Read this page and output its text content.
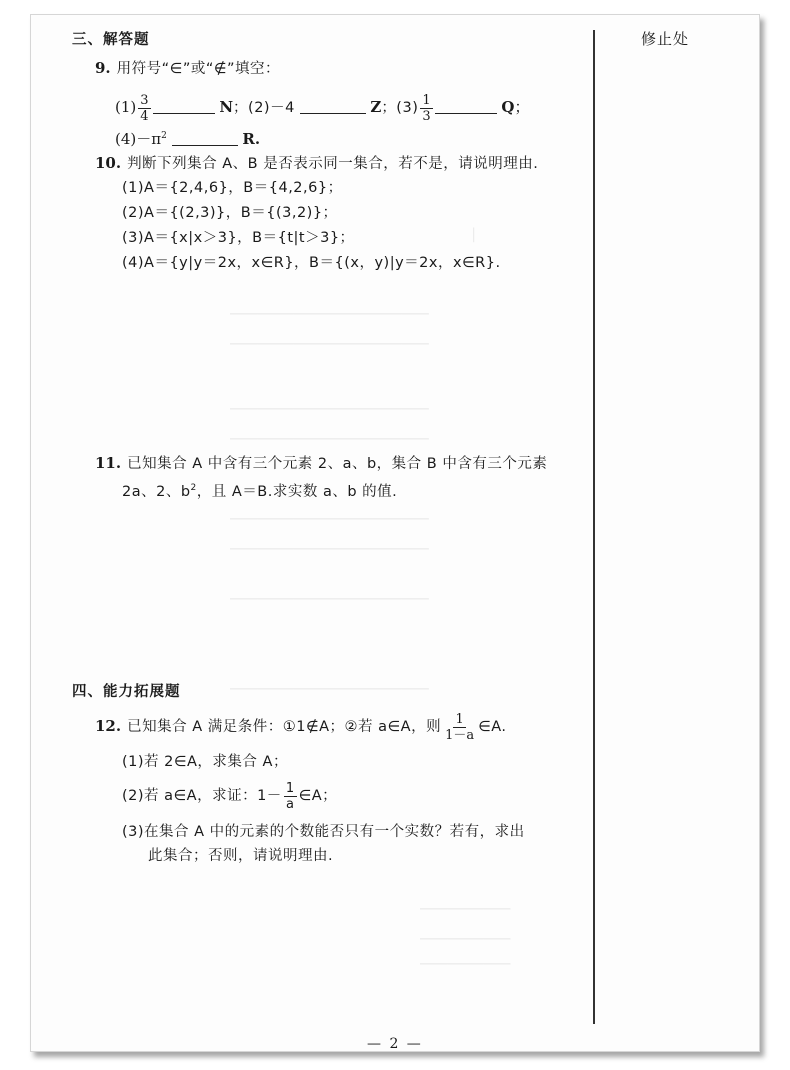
∣
──────────────────────
──────────────────────
──────────────────────
──────────────────────
──────────────────────
──────────────────────
──────────────────────
──────────────────────
──────────
──────────
──────────
修止处
三、解答题
9. 用符号“∈”或“∉”填空：
$(1) \frac{3}{4}$	N；(2)－4	Z；$(3) \frac{1}{3}$	Q；
$(4)-\pi^2$	R.
10. 判断下列集合 A、B 是否表示同一集合，若不是，请说明理由.
(1)A＝{2,4,6}，B＝{4,2,6}；
(2)A＝{(2,3)}，B＝{(3,2)}；
(3)A＝{x|x＞3}，B＝{t|t＞3}；
(4)A＝{y|y＝2x，x∈R}，B＝{(x，y)|y＝2x，x∈R}.
11. 已知集合 A 中含有三个元素 2、a、b，集合 B 中含有三个元素
2a、2、$b^2$，且 A＝B.求实数 a、b 的值.
四、能力拓展题
12. 已知集合 A 满足条件：①1∉A；②若 a∈A，则 $\frac{1}{1-a}$ ∈A.
(1)若 2∈A，求集合 A；
(2)若 a∈A，求证：$1- \frac{1}{a}$ ∈A；
(3)在集合 A 中的元素的个数能否只有一个实数？若有，求出
此集合；否则，请说明理由.
— 2 —
